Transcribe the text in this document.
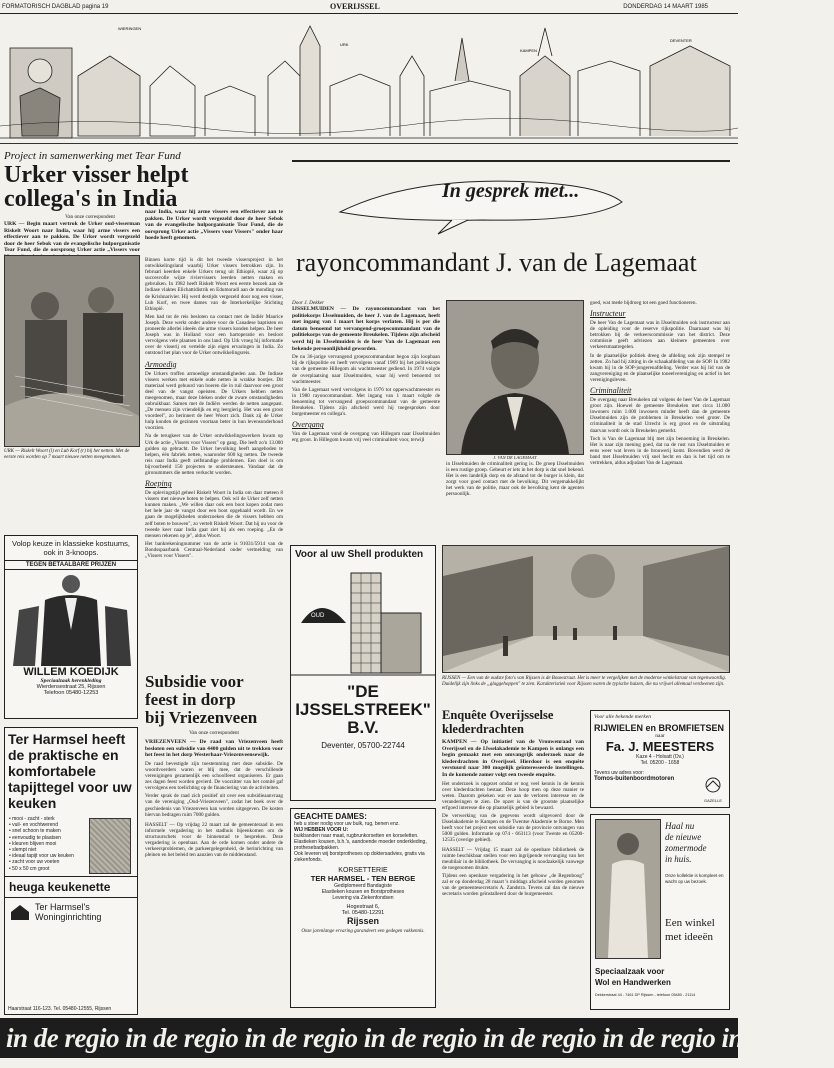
FORMATORISCH DAGBLAD pagina 19	OVERIJSSEL	DONDERDAG 14 MAART 1985
WIERINGEN
URK
KAMPEN
DEVENTER
Project in samenwerking met Tear Fund
Urker visser helpt
collega's in India
Van onze correspondent
URK — Begin maart vertrok de Urker oud-visserman Riskelt Woort naar India, waar hij arme vissers een effectiever aan te pakken. De Urker wordt vergezeld door de heer Sebok van de evangelische hulporganisatie Tear Fund, die de oorsprong Urker actie „Vissers voor
URK — Riskelt Woort (l) en Lub Korf (r) bij het netten. Met de eerste reis worden op 7 maart nieuwe netten meegenomen.
naar India, waar hij arme vissers een effectiever aan te pakken. De Urker wordt vergezeld door de heer Sebok van de evangelische hulporganisatie Tear Fund, die de oorsprong Urker actie „Vissers voor Vissers" onder haar hoede heeft genomen.

Binnen korte tijd is dit het tweede vissersproject in het ontwikkelingsland waarbij Urker vissers betrokken zijn. In februari keerden enkele Urkers terug uit Ethiopië, waar zij op succesvolle wijze riviervissers leerden netten maken en gebruiken. In 1982 heeft Riskelt Woort een eerste bezoek aan de Indiase vlaktes Elichattidistrik en Edumoradi aan de monding van de Krishnarivier. Hij werd destijds vergezeld door nog een visser, Lub Korf, en twee dames van de Interkerkelijke Stichting Ethiopië.

Men had tot de reis besloten na contact met de Indiër Maurice Joseph. Deze werkt onder andere voor de Canadese baptisten en proneerde allerlei ideeën die arme vissers konden helpen. De heer Joseph was in Holland voor een hartoperatie en besloot vervolgens vele plaatsen in ons land. Op Urk vroeg hij informatie over de visserij en vertelde zijn eigen ervaringen in India. Zo ontstond het plan voor de Urker ontwikkelingsreis.

Armoedig

De Urkers troffen armoedige omstandigheden aan. De Indiase vissers werken met enkele oude netten in wrakke bootjes. Dit materiaal werd gehuurd van boeren die in ruil daarvoor een groot deel van de vangst opeisten. De Urkers hebben netten meegenomen, maar deze bleken onder de zware omstandigheden onbruikbaar. Samen met de Indiërs werden de netten aangepast. „De mensen zijn vriendelijk en erg leergierig. Het was een groot voordeel", zo herinnert de heer Woort zich. Dank zij de Urker hulp konden de gezinnen voortaan beter in hun levensonderhoud voorzien.

Na de terugkeer van de Urker ontwikkelingswerkers kwam op Urk de actie „Vissers voor Vissers" op gang. Die leeft zo'n 13.000 gulden op gebracht. De Urker bevolking heeft aangeboden te helpen, één fabriek netten, waaronder 600 kg netten. De tweede reis naar India geeft zelfstandige problemen. Een doel is om bijvoorbeeld 150 projecten te ondersteunen. Vandaar dat de gironummers die netten verkocht worden.

Roeping

De oplevingstijd geheel Riskelt Woort in India om daar meteen 8 vissers met nieuwe boten te helpen. Ook wil de Urker zelf netten kunnen maken. „We willen daar ook een boot kopen zodat men het hele jaar de vangst door een boot opgehaald wordt. En we gaan de mogelijkheden onderzoeken die de vissers hebben om zelf boten te bouwen", zo vertelt Riskelt Woort. Dat hij nu voor de tweede keer naar India gaat ziet hij als een roeping. „En de mensen rekenen op je", aldus Woort.

Het bankrekeningnummer van de actie is 91031/5914 van de Bondsspaarbank Centraal-Nederland onder vermelding van „Vissers voor Vissers".

Subsidie voor
feest in dorp
bij Vriezenveen
Van onze correspondent

VRIEZENVEEN — De raad van Vriezenveen heeft besloten een subsidie van 4400 gulden uit te trekken voor het feest in het dorp Westerhaar-Vriezenveensewijk.

De raad bevestigde zijn toestemming met deze subsidie. De woordvoerders waren er blij mee, dat de verschillende verenigingen gezamenlijk een schoolfeest organiseren. Er gaan zes dagen feest worden gevierd. De voorzitter van het comité gaf vervolgens een toelichting op de financiering van de activiteiten.

Verder sprak de raad zich positief uit over een subsidieaanvraag van de vereniging „Oud-Vriezenveen", zodat het boek over de geschiedenis van Vriezenveen kan worden uitgegeven. De kosten hiervan bedragen ruim 7000 gulden.

HASSELT — Op vrijdag 22 maart zal de gemeenteraad in een informele vergadering in het stadhuis bijeenkomen om de structuurschets voor de binnenstad te bespreken. Deze vergadering is openbaar. Aan de orde komen onder andere de verkeersproblemen, de parkeergelegenheid, de herinrichting van pleinen en het beleid ten aanzien van de middenstand.

Volop keuze in klassieke kostuums, ook in 3-knoops.
TEGEN BETAALBARE PRIJZEN
WILLEM KOEDIJK
Speciaalzaak herenkleding
Wierdensestraat 25, Rijssen
Telefoon 05480-12253
Ter Harmsel heeft de praktische en komfortabele tapijttegel voor uw keuken
• mooi - zacht - sterk
• vuil- en vochtwerend
• snel schoon te maken
• eenvoudig te plaatsen
• kleuren blijven mooi
• slempt niet
• ideaal tapijt voor uw keuken
• zacht voor uw voeten
• 50 x 50 cm groot
heuga keukenette
Ter Harmsel's Woninginrichting
Haarstraat 116-123. Tel. 05480-12555, Rijssen
In gesprek met...
rayoncommandant J. van de Lagemaat
Door J. Dekker

IJSSELMUIDEN — De rayoncommandant van het politiekorps IJsselmuiden, de heer J. van de Lagemaat, heeft met ingang van 1 maart het korps verlaten. Hij is per die datum benoemd tot vervangend-groepscommandant van de politiekorps van de gemeente Breukelen. Tijdens zijn afscheid werd hij in IJsselmuiden is de heer Van de Lagemaat een bekende persoonlijkheid geworden.

De nu 36-jarige vervangend groepscommandant begon zijn loopbaan bij de rijkspolitie en heeft vervolgens vanaf 1969 bij het politiekorps van de gemeente Hillegom als wachtmeester gediend. In 1974 volgde de overplaatsing naar IJsselmuiden, waar hij werd benoemd tot wachtmeester.

Van de Lagemaat werd vervolgens in 1976 tot opperwachtmeester en in 1980 rayoncommandant. Met ingang van 1 maart volgde de benoeming tot vervangend groepscommandant van de gemeente Breukelen. Tijdens zijn afscheid werd hij toegesproken door burgemeester en collega's.

Overgang

Van de Lagemaat vond de overgang van Hillegom naar IJsselmuiden erg groot. In Hillegom kwam vrij veel criminaliteit voor, terwijl

J. VAN DE LAGEMAAT

in IJsselmuiden de criminaliteit gering is. De groep IJsselmuiden is een rustige groep. Gebeurt er iets in het dorp is dat snel bekend. Het is een landelijk dorp en de afstand tot de burger is klein, dat zorgt voor goed contact met de bevolking. Dit vergemakkelijkt het werk van de politie, maar ook de bevolking kent de agenten persoonlijk.

goed, wat mede bijdroeg tot een goed functioneren.

Instructeur

De heer Van de Lagemaat was in IJsselmuiden ook instructeur aan de opleiding voor de reserve rijkspolitie. Daarnaast was hij betrokken bij de verkeerscommissie van het district. Deze commissie geeft adviezen aan kleinere gemeenten over verkeersmaatregelen.

In de plaatselijke politiek dreeg de afdeling ook zijn stempel te zetten. Zo had hij zitting in de schaakafdeling van de SOP. In 1982 kwam hij in de SOP-jongerenafdeling. Verder was hij lid van de zangvereniging en de plaatselijke toneelvereniging en actief in het verenigingsleven.

Criminaliteit

De overgang naar Breukelen zal volgens de heer Van de Lagemaat groot zijn. Hoewel de gemeente Breukelen met circa 11.000 inwoners ruim 1.000 inwoners minder heeft dan de gemeente IJsselmuiden zijn de problemen in Breukelen veel groter. De criminaliteit in de stad Utrecht is erg groot en de uitstraling daarvan wordt ook in Breukelen gemerkt.

Toch is Van de Lagemaat blij met zijn benoeming in Breukelen. Het is naar zijn mening goed, dat na de rust van IJsselmuiden er eens weer wat leven in de brouwerij komt. Bovendien werd de band met IJsselmuiden vrij snel hecht en dan is het tijd om te vertrekken, aldus adjudant Van de Lagemaat.

Voor al uw Shell produkten
OUD
"DE
IJSSELSTREEK"
B.V.
Deventer, 05700-22744
GEACHTE DAMES:
heb u stoer nodig voor uw bulk, rug, benen enz.
WIJ HEBBEN VOOR U:
buikbanden naar maat, rugbrunkorsetten en korseletten. Elastieken kousen, b.h.'s, aandoende moeder onderkleding, prothesebadpakken.
Ook leveren wij borstprotheses op doktersadvies, gratis via ziekenfonds.
KORSETTERIE
TER HARMSEL - TEN BERGE
Gediplomeerd Bandagiste
Elastieken kousen en Borstprotheses
Levering via Ziekenfondsen
Hogestraat 6,
Tel. 05480-12291
Rijssen
Onze jarenlange ervaring garandeert een gedegen vakkennis.
RIJSSEN — Een van de oudste foto's van Rijssen is de Bouwstraat. Het is meer te vergelijken met de moderne winkelstraat van tegenwoordig. Duidelijk zijn links de „glaggehoppen" te zien. Karakteristiek voor Rijssen waren de typische huizen, die nu vrijwel allemaal verdwenen zijn.
Enquête Overijsselse
klederdrachten

KAMPEN — Op initiatief van de Vrouwenraad van Overijssel en de IJsselakademie te Kampen is onlangs een begin gemaakt met een omvangrijk onderzoek naar de klederdrachten in Overijssel. Hierdoor is een enquête verstuurd naar 300 mogelijk geïnteresseerde instellingen. In de komende zomer volgt een tweede enquête.

Het onderzoek is opgezet omdat er nog veel kennis in de kennis over klederdrachten bestaat. Deze hoop men op deze manier te weten. Daarom gekeken wat er aan de verloren interesse en de veranderingen te zien. De opzet is van de grootste plaatselijke erfgoed interesse die op plaatselijk gebied is bewaard.

De verwerking van de gegevens wordt uitgevoerd door de IJsselakademie te Kampen en de Twentse Akademie te Borne. Men heeft voor het project een subsidie van de provincie ontvangen van 5000 gulden. Informatie op 074 - 663113 (voor Twente en 05200-12535 (overige gebied).

HASSELT — Vrijdag 15 maart zal de openbare bibliotheek de ruimte beschikbaar stellen voor een ingrijpende vervanging van het meubilair in de bibliotheek. De vervanging is noodzakelijk vanwege de toegenomen drukte.

Tijdens een openbare vergadering in het gebouw „de Regenboog" zal er op donderdag 28 maart 's middags afscheid worden genomen van de gemeentesecretaris A. Zandstra. Tevens zal dan de nieuwe secretaris worden geïnstalleerd door de burgemeester.

Voor alle bekende merken
RIJWIELEN en BROMFIETSEN
naar
Fa. J. MEESTERS
Kaze 4 - Holsatt (Ov.)
Tel. 05200 - 1658
Tevens uw adres voor:
Tomos-buitenboordmotoren
GAZELLE
Haal nu
de nieuwe
zomermode
in huis.
Onze kollektie is kompleet en wacht op uw bezoek.
Een winkel
met ideeën
Speciaalzaak voor
Wol en Handwerken
Dekkerstraat 44 - 7461 DP Rijssen - telefoon 05480 - 21114
in de regio in de regio in de regio in de regio in de regio in de regio in de regio
